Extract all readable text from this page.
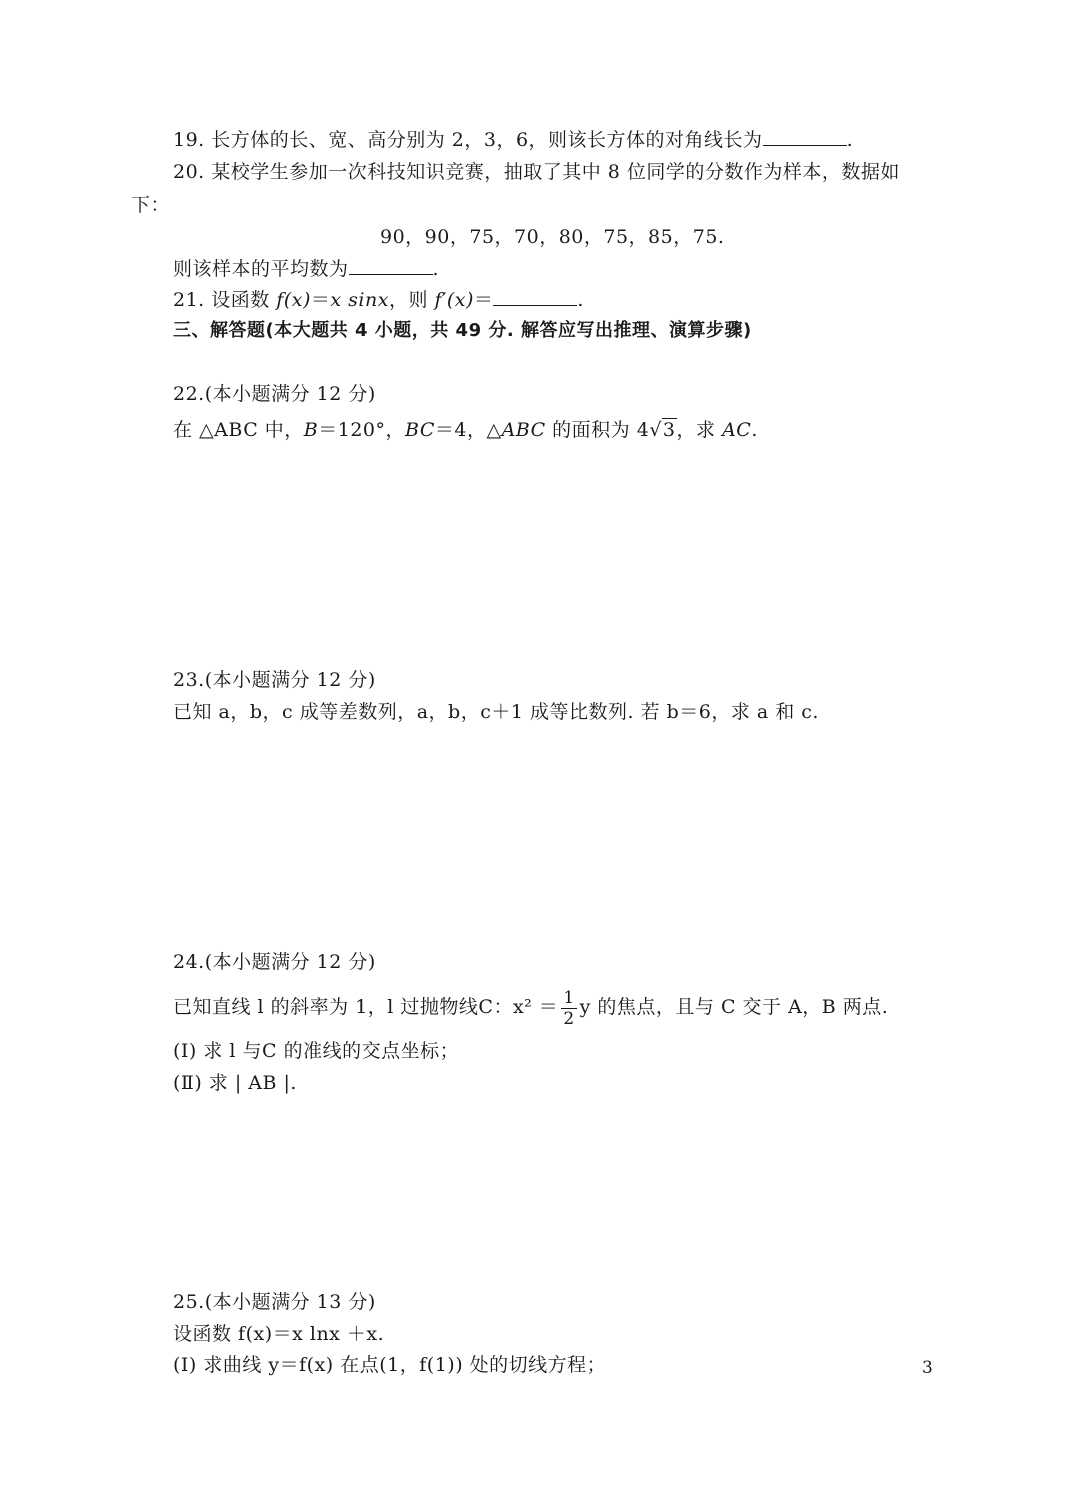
19. 长方体的长、宽、高分别为 2，3，6，则该长方体的对角线长为	.
20. 某校学生参加一次科技知识竞赛，抽取了其中 8 位同学的分数作为样本，数据如
下：
90，90，75，70，80，75，85，75.
则该样本的平均数为	.
21. 设函数 f(x)＝x sinx，则 f′(x)＝	.
三、解答题(本大题共 4 小题，共 49 分. 解答应写出推理、演算步骤)
22.(本小题满分 12 分)
在 △ABC 中，B＝120°，BC＝4，△ABC 的面积为 4√3，求 AC.
23.(本小题满分 12 分)
已知 a，b，c 成等差数列，a，b，c＋1 成等比数列. 若 b＝6，求 a 和 c.
24.(本小题满分 12 分)
已知直线 l 的斜率为 1，l 过抛物线C：$x^2 = \frac{1}{2}$ y 的焦点，且与 C 交于 A，B 两点.
(Ⅰ) 求 l 与C 的准线的交点坐标；
(Ⅱ) 求 | AB |.
25.(本小题满分 13 分)
设函数 f(x)＝x lnx ＋x.
(Ⅰ) 求曲线 y＝f(x) 在点(1，f(1)) 处的切线方程；	3
